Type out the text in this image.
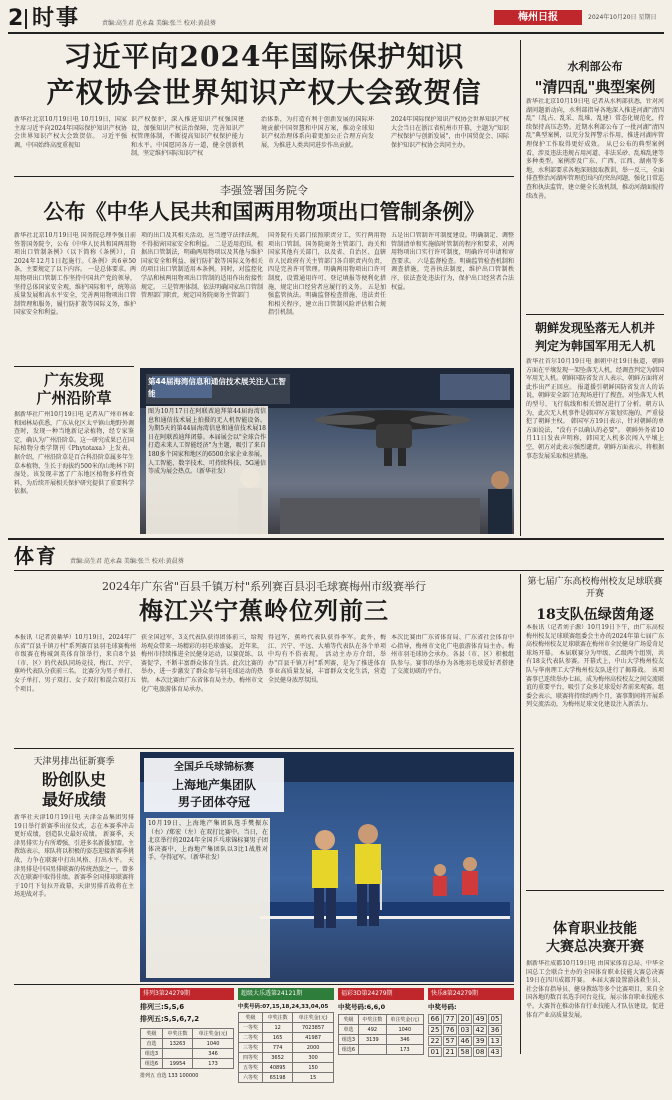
2 时事	责编:高生君 范永森 美编:张兰 校对:黄晨葵
梅州日报	2024年10月20日 星期日
习近平向2024年国际保护知识
产权协会世界知识产权大会致贺信
新华社北京10月19日电 10月19日，国家主席习近平向2024年国际保护知识产权协会世界知识产权大会致贺信。 习近平强调，中国始终高度重视知
识产权保护，深入推进知识产权强国建设，加强知识产权法治保障，完善知识产权管理体制，不断提高知识产权保护能力和水平。中国愿同各方一道，健全创新机制，坚定维护国际知识产权
治体系，为打造有利于创新发展的国际环境贡献中国智慧和中国方案，推动全球知识产权治理体系向着更加公正合理方向发展，为推进人类共同进步作出贡献。
2024年国际保护知识产权协会世界知识产权大会当日在浙江省杭州市开幕，主题为"知识产权保护与创新发展"，由中国贸促会、国际保护知识产权协会共同主办。
李强签署国务院令
公布《中华人民共和国两用物项出口管制条例》
新华社北京10月19日电 国务院总理李强日前签署国务院令，公布《中华人民共和国两用物项出口管制条例》（以下简称《条例》），自2024年12月1日起施行。《条例》共6章50条，主要规定了以下内容。 一是总体要求。两用物项出口管制工作坚持中国共产党的领导，坚持总体国家安全观，维护国际和平，统筹高质量发展和高水平安全，完善两用物项出口管制管理和服务，履行防扩散等国际义务，维护国家安全和利益。
项的出口及其相关活动，应当遵守法律法规，不得损害国家安全和利益。 二是适用范围。根据出口管制法，明确两用物项以及其他与维护国家安全和利益、履行防扩散等国际义务相关的项目出口管制适用本条例。同时，对监控化学品和核两用物项出口管制的适用作出衔接性规定。 三是管理体制。依法明确国家出口管制管理部门职责，规定国务院商务主管部门
国务院有关部门依照职责分工，实行两用物项出口管制。国务院商务主管部门、海关和国家其他有关部门，以及省、自治区、直辖市人民政府有关主管部门各自职责内负责， 四是完善许可管理。明确两用物项出口许可制度，设置通用许可、登记填报等便利化措施，规定出口经营者应履行的义务。 五是加强监管执法。明确监督检查措施、违法责任和相关程序，建立出口管制风险评估和合规指引机制。
五是出口管制许可制度建设。明确制定、调整管制清单和实施临时管制的程序和要求，对两用物项出口实行许可制度，明确许可申请和审查要求。 六是监督检查。明确监管检查机制和调查措施，完善执法制度，维护出口管制秩序，依法查处违法行为，保护出口经营者合法权益。
广东发现
广州沿阶草
据新华社广州10月19日电 记者从广州市林业和园林局获悉，广东从化区太平镇山地野外调查时，发现一种当地新记录植物，经专家鉴定，确认为广州沿阶草。这一研究成果已在国际植物分类学期刊《Phytotaxa》上发表。 据介绍，广州沿阶草是百合科沿阶草属多年生草本植物，生长于海拔约500米的山地林下阴湿处。该发现丰富了广东地区植物多样性资料，为后续开展相关保护研究提供了重要科学依据。
第44届海湾信息和通信技术展关注人工智能
图为10月17日在阿联酋迪拜第44届海湾信息和通信技术展上拍摄的无人机智能设备。 为期5天的第44届海湾信息和通信技术展18日在阿联酋迪拜闭幕。本届展会以"全球合作打造未来人工智能经济"为主题，吸引了来自180多个国家和地区的6500余家企业参展，人工智能、数字技术、可持续科技、5G通信等成为展会热点。（新华社发）
水利部公布
"清四乱"典型案例
新华社北京10月19日电 记者从水利部获悉，针对河湖问题新动向，水利部指导各地深入推进河湖"清四乱"（乱占、乱采、乱堆、乱建）常态化规范化，持续保持高压态势。近期水利部公布了一批河湖"清四乱"典型案例，以充分发挥警示作用，推进河湖库管理保护工作取得更好成效。 从已公布的典型案例看，涉及违法违规占用河道、非法采砂、乱堆乱建等多种类型。案例涉及广东、广西、江西、湖南等多地，水利部要求各地深刻汲取教训，举一反三，全面排查整治河湖库管理范围内的突出问题，强化日常巡查和执法监管，建立健全长效机制，推动河湖面貌持续改善。
朝鲜发现坠落无人机并
判定为韩国军用无人机
新华社首尔10月19日电 据朝中社19日报道，朝鲜方面在平壤发现一架坠落无人机，经调查判定为韩国军用无人机。朝鲜国防省发言人表示，朝鲜方面将对此作出严正回应。 报道援引朝鲜国防省发言人的话说，朝鲜安全部门在现场进行了搜查，对坠落无人机的型号、飞行航线和相关情况进行了分析。朝方认为，此次无人机事件是韩国军方策划实施的，严重侵犯了朝鲜主权。 韩国军方19日表示，针对朝鲜的单方面说法，"没有予以确认的必要"。 朝鲜外务省10月11日发表声明称，韩国无人机多次闯入平壤上空，朝方对此表示强烈谴责。朝鲜方面表示，将根据事态发展采取相应措施。
体育 责编:高生君 范永森 美编:张兰 校对:黄晨葵
2024年广东省"百县千镇万村"系列赛百县羽毛球赛梅州市级赛举行
梅江兴宁蕉岭位列前三
本报讯（记者黄綦华）10月19日，2024年广东省"百县千镇万村"系列赛百县羽毛球赛梅州市级赛在梅城剑英体育馆举行，来自8个县（市、区）的代表队同场竞技，梅江、兴宁、蕉岭代表队分获前三名。 比赛分为男子单打、女子单打、男子双打、女子双打和混合双打五个项目。
获全国冠军，3支代表队获得团体前三，给现场观众带来一场精彩的羽毛球盛宴。 近年来，梅州市持续推进全民健身运动，以赛促练、以赛促学，不断丰富群众体育生活。此次比赛的举办，进一步激发了群众参与羽毛球运动的热情。 本次比赛由广东省体育局主办，梅州市文化广电旅游体育局承办。
得冠军，蕉岭代表队获得季军。此外，梅江、兴宁、平远、大埔等代表队在各个单项中均有不俗表现。 活动主办方介绍，举办"百县千镇万村"系列赛，是为了推进体育事业高质量发展，丰富群众文化生活，营造全民健身浓厚氛围。
本次比赛由广东省体育局、广东省社会体育中心指导，梅州市文化广电旅游体育局主办。梅州市羽毛球协会承办。各县（市、区）积极组队参与。赛事的举办为各地羽毛球爱好者搭建了交流切磋的平台。
第七届广东高校梅州校友足球联赛开赛
18支队伍绿茵角逐
本报讯（记者刘子源）10月19日下午，由广东高校梅州校友足球联赛组委会主办的2024年第七届广东高校梅州校友足球联赛在梅州市全民健身广场爱奇足球场开幕。 本届联赛分为甲级、乙级两个组别，共有18支代表队参赛。开幕式上，中山大学梅州校友队与华南理工大学梅州校友队进行了揭幕战。 该项赛事已连续举办七届，成为梅州高校校友之间交流联谊的重要平台，吸引了众多足球爱好者前来观赛。组委会表示，联赛将持续约两个月，赛事期间将开展系列交流活动，为梅州足球文化建设注入新活力。
体育职业技能
大赛总决赛开赛
据新华社成都10月19日电 由国家体育总局、中华全国总工会联合主办的全国体育职业技能大赛总决赛19日在四川成都开赛。 本届大赛设置游泳救生员、社会体育指导员、健身教练等多个比赛项目，来自全国各地的数百名选手同台竞技，展示体育职业技能水平。大赛旨在推动体育行业技能人才队伍建设，促进体育产业高质量发展。
天津男排出征新赛季
盼创队史
最好成绩
新华社天津10月19日电 天津金品集团男排19日举行新赛季出征仪式，志在本赛季冲击更好成绩，创造队史最好成绩。 新赛季，天津男排实力有所增强，引进多名新援加盟。主教练表示，球队将以积极的姿态迎接新赛季挑战，力争在联赛中打出风格、打出水平。 天津男排是中国男排联赛的传统劲旅之一，曾多次在联赛中取得佳绩。新赛季全国排球联赛将于10月下旬拉开战幕，天津男排首战将在主场迎战对手。
全国乒乓球锦标赛
上海地产集团队
男子团体夺冠
10月19日，上海地产集团队选手樊振东（右）/郑宏（左）在双打比赛中。当日，在北京举行的2024年全国乒乓球锦标赛男子团体决赛中，上海地产集团队以3比1战胜对手，夺得冠军。（新华社发）
排列3第24279期
排列三:S,S,6
排列五:S,S,6,7,2
奖级	中奖注数	单注奖金(元)
直选	13263	1040
组选3		346
组选6	19954	173
排列五 直选 133 100000
超级大乐透第24121期
中奖号码:07,15,18,24,33,04,05
奖级	中奖注数	单注奖金(元)
一等奖	12	7023857
二等奖	165	41987
三等奖	774	2000
四等奖	3652	300
五等奖	40895	150
六等奖	65198	15
福彩3D第24279期
中奖号码:6,6,0
奖级	中奖注数	单注奖金(元)
单选	492	1040
组选3	3139	346
组选6		173
快乐8第24279期
中奖号码:
66 77 20 49 05
25 76 03 42 36
22 57 46 39 13
01 21 58 08 43
